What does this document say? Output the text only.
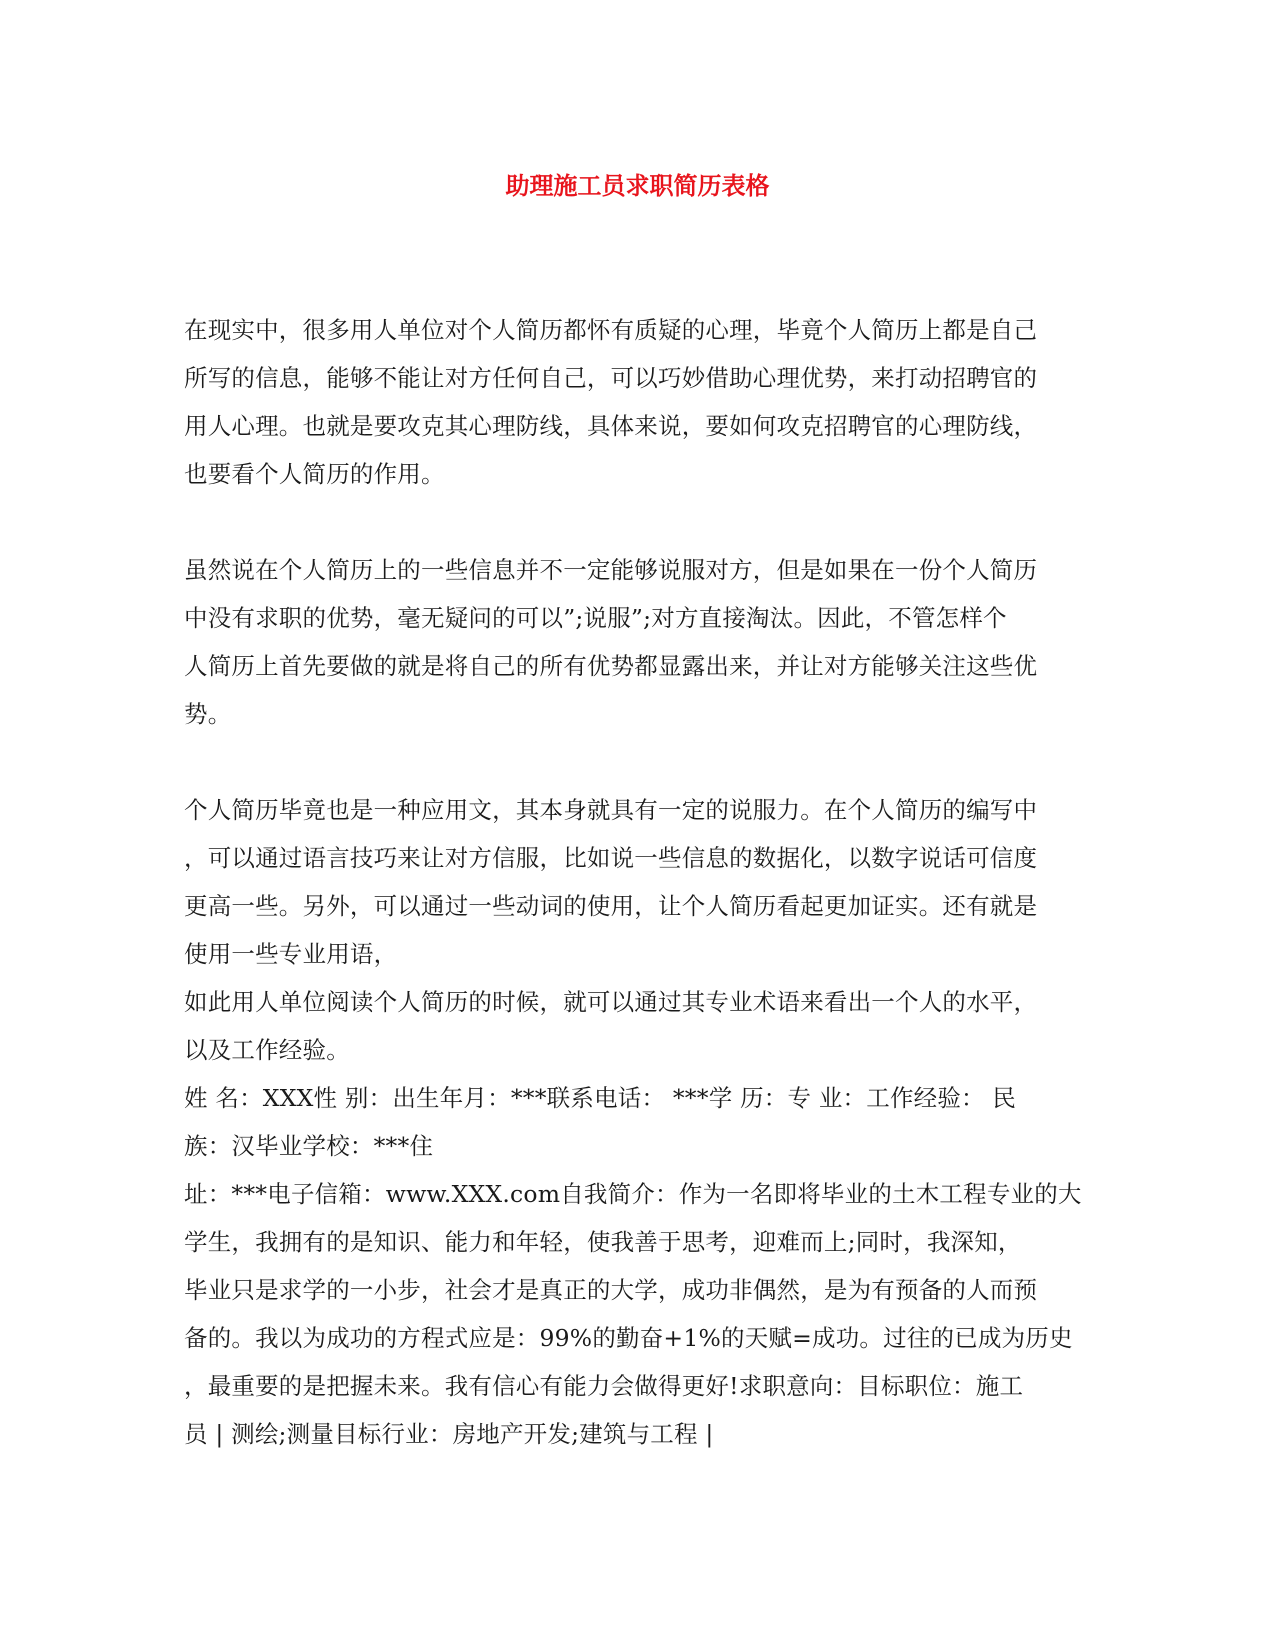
助理施工员求职简历表格
在现实中，很多用人单位对个人简历都怀有质疑的心理，毕竟个人简历上都是自己
所写的信息，能够不能让对方任何自己，可以巧妙借助心理优势，来打动招聘官的
用人心理。也就是要攻克其心理防线，具体来说，要如何攻克招聘官的心理防线，
也要看个人简历的作用。
虽然说在个人简历上的一些信息并不一定能够说服对方，但是如果在一份个人简历
中没有求职的优势，毫无疑问的可以”;说服”;对方直接淘汰。因此，不管怎样个
人简历上首先要做的就是将自己的所有优势都显露出来，并让对方能够关注这些优
势。
个人简历毕竟也是一种应用文，其本身就具有一定的说服力。在个人简历的编写中
，可以通过语言技巧来让对方信服，比如说一些信息的数据化，以数字说话可信度
更高一些。另外，可以通过一些动词的使用，让个人简历看起更加证实。还有就是
使用一些专业用语，
如此用人单位阅读个人简历的时候，就可以通过其专业术语来看出一个人的水平，
以及工作经验。
姓 名：XXX性 别：出生年月：***联系电话： ***学 历：专 业：工作经验： 民
族：汉毕业学校：***住
址：***电子信箱：www.XXX.com自我简介：作为一名即将毕业的土木工程专业的大
学生，我拥有的是知识、能力和年轻，使我善于思考，迎难而上;同时，我深知，
毕业只是求学的一小步，社会才是真正的大学，成功非偶然，是为有预备的人而预
备的。我以为成功的方程式应是：99%的勤奋+1%的天赋=成功。过往的已成为历史
，最重要的是把握未来。我有信心有能力会做得更好!求职意向：目标职位：施工
员 | 测绘;测量目标行业：房地产开发;建筑与工程 |
